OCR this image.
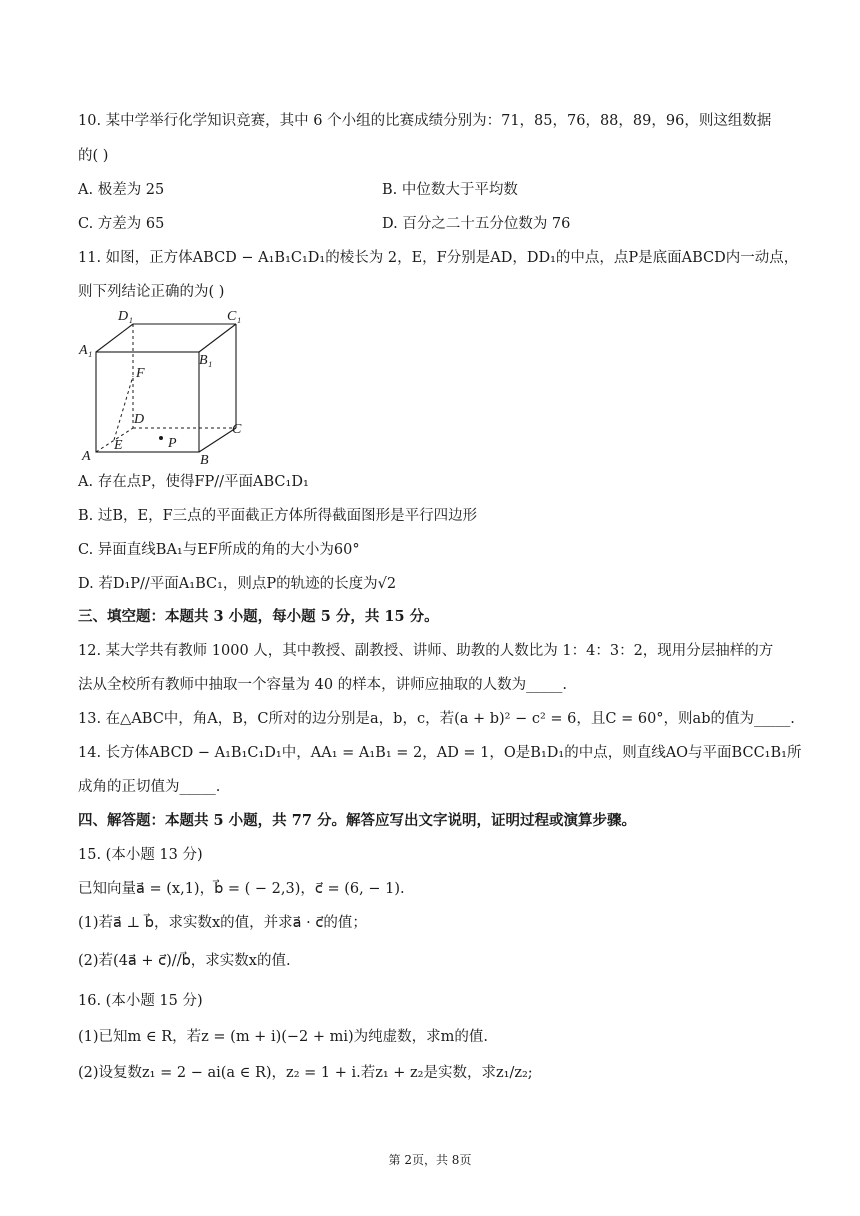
10. 某中学举行化学知识竞赛，其中 6 个小组的比赛成绩分别为：71，85，76，88，89，96，则这组数据
的( )
A. 极差为 25	B. 中位数大于平均数
C. 方差为 65	D. 百分之二十五分位数为 76
11. 如图，正方体ABCD − A₁B₁C₁D₁的棱长为 2，E，F分别是AD，DD₁的中点，点P是底面ABCD内一动点，
则下列结论正确的为( )
D₁	C₁
A₁
B₁
F
D
C
E	P
A	B
A. 存在点P，使得FP//平面ABC₁D₁
B. 过B，E，F三点的平面截正方体所得截面图形是平行四边形
C. 异面直线BA₁与EF所成的角的大小为60°
D. 若D₁P//平面A₁BC₁，则点P的轨迹的长度为√2
三、填空题：本题共 3 小题，每小题 5 分，共 15 分。
12. 某大学共有教师 1000 人，其中教授、副教授、讲师、助教的人数比为 1：4：3：2，现用分层抽样的方
法从全校所有教师中抽取一个容量为 40 的样本，讲师应抽取的人数为_____.
13. 在△ABC中，角A，B，C所对的边分别是a，b，c，若(a + b)² − c² = 6，且C = 60°，则ab的值为_____.
14. 长方体ABCD − A₁B₁C₁D₁中，AA₁ = A₁B₁ = 2，AD = 1，O是B₁D₁的中点，则直线AO与平面BCC₁B₁所
成角的正切值为_____.
四、解答题：本题共 5 小题，共 77 分。解答应写出文字说明，证明过程或演算步骤。
15. (本小题 13 分)
已知向量a⃗ = (x,1)，b⃗ = ( − 2,3)，c⃗ = (6, − 1).
(1)若a⃗ ⊥ b⃗，求实数x的值，并求a⃗ · c⃗的值；
(2)若(4a⃗ + c⃗)//b⃗，求实数x的值.
16. (本小题 15 分)
(1)已知m ∈ R，若z = (m + i)(−2 + mi)为纯虚数，求m的值.
(2)设复数z₁ = 2 − ai(a ∈ R)，z₂ = 1 + i.若z₁ + z₂是实数，求z₁/z₂;
第 2页，共 8页
